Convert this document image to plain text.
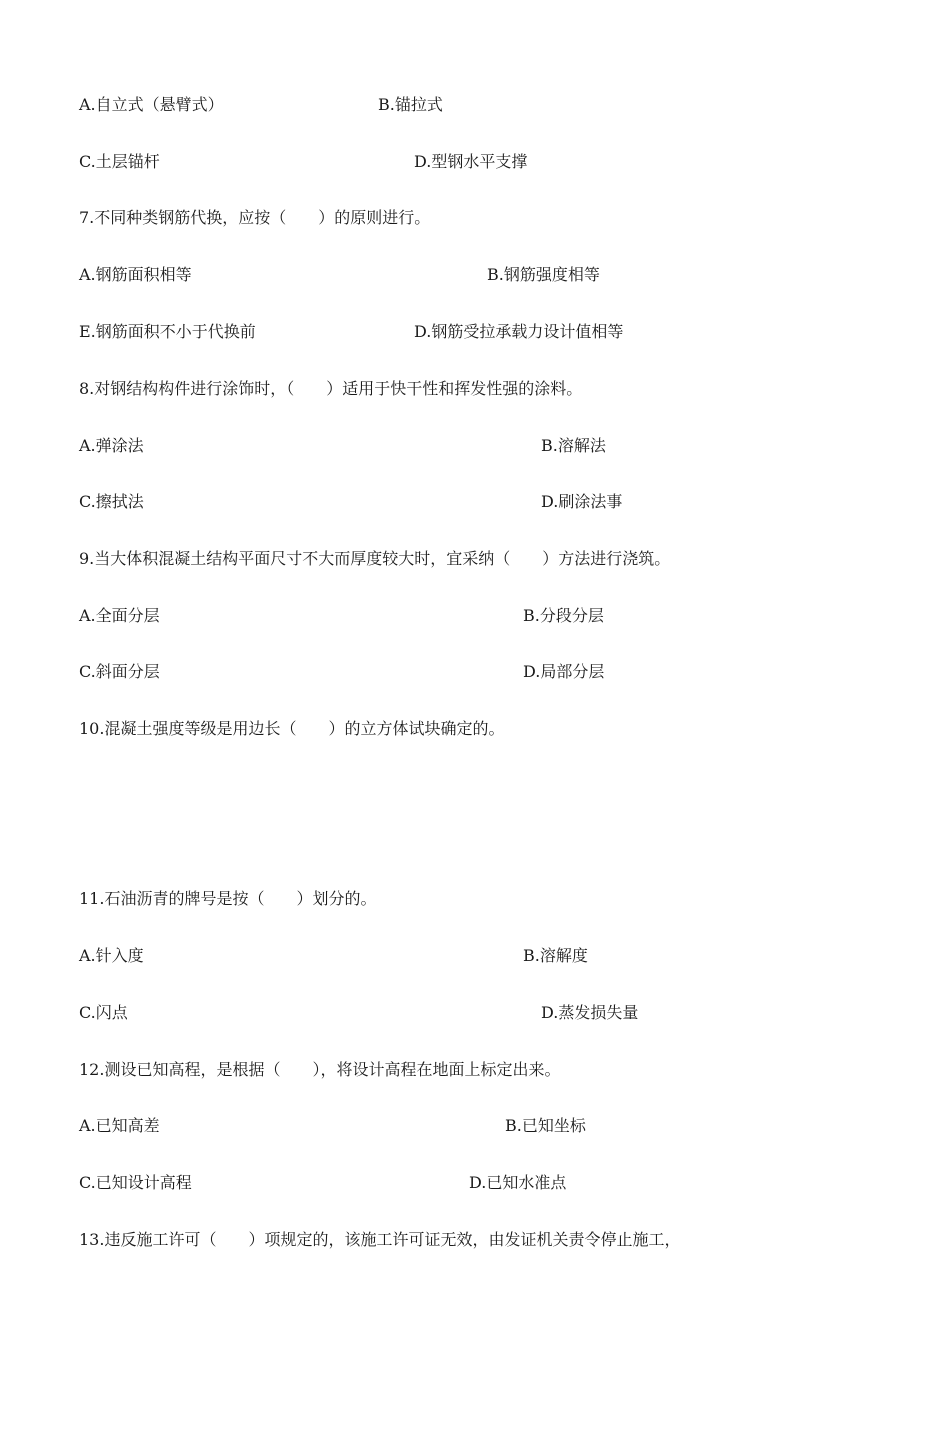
A.自立式（悬臂式）	B.锚拉式
C.土层锚杆	D.型钢水平支撑
7.不同种类钢筋代换，应按（　　）的原则进行。
A.钢筋面积相等	B.钢筋强度相等
E.钢筋面积不小于代换前	D.钢筋受拉承载力设计值相等
8.对钢结构构件进行涂饰时，（　　）适用于快干性和挥发性强的涂料。
A.弹涂法	B.溶解法
C.擦拭法	D.刷涂法事
9.当大体积混凝土结构平面尺寸不大而厚度较大时，宜采纳（　　）方法进行浇筑。
A.全面分层	B.分段分层
C.斜面分层	D.局部分层
10.混凝土强度等级是用边长（　　）的立方体试块确定的。
11.石油沥青的牌号是按（　　）划分的。
A.针入度	B.溶解度
C.闪点	D.蒸发损失量
12.测设已知高程，是根据（　　），将设计高程在地面上标定出来。
A.已知高差	B.已知坐标
C.已知设计高程	D.已知水准点
13.违反施工许可（　　）项规定的，该施工许可证无效，由发证机关责令停止施工，
